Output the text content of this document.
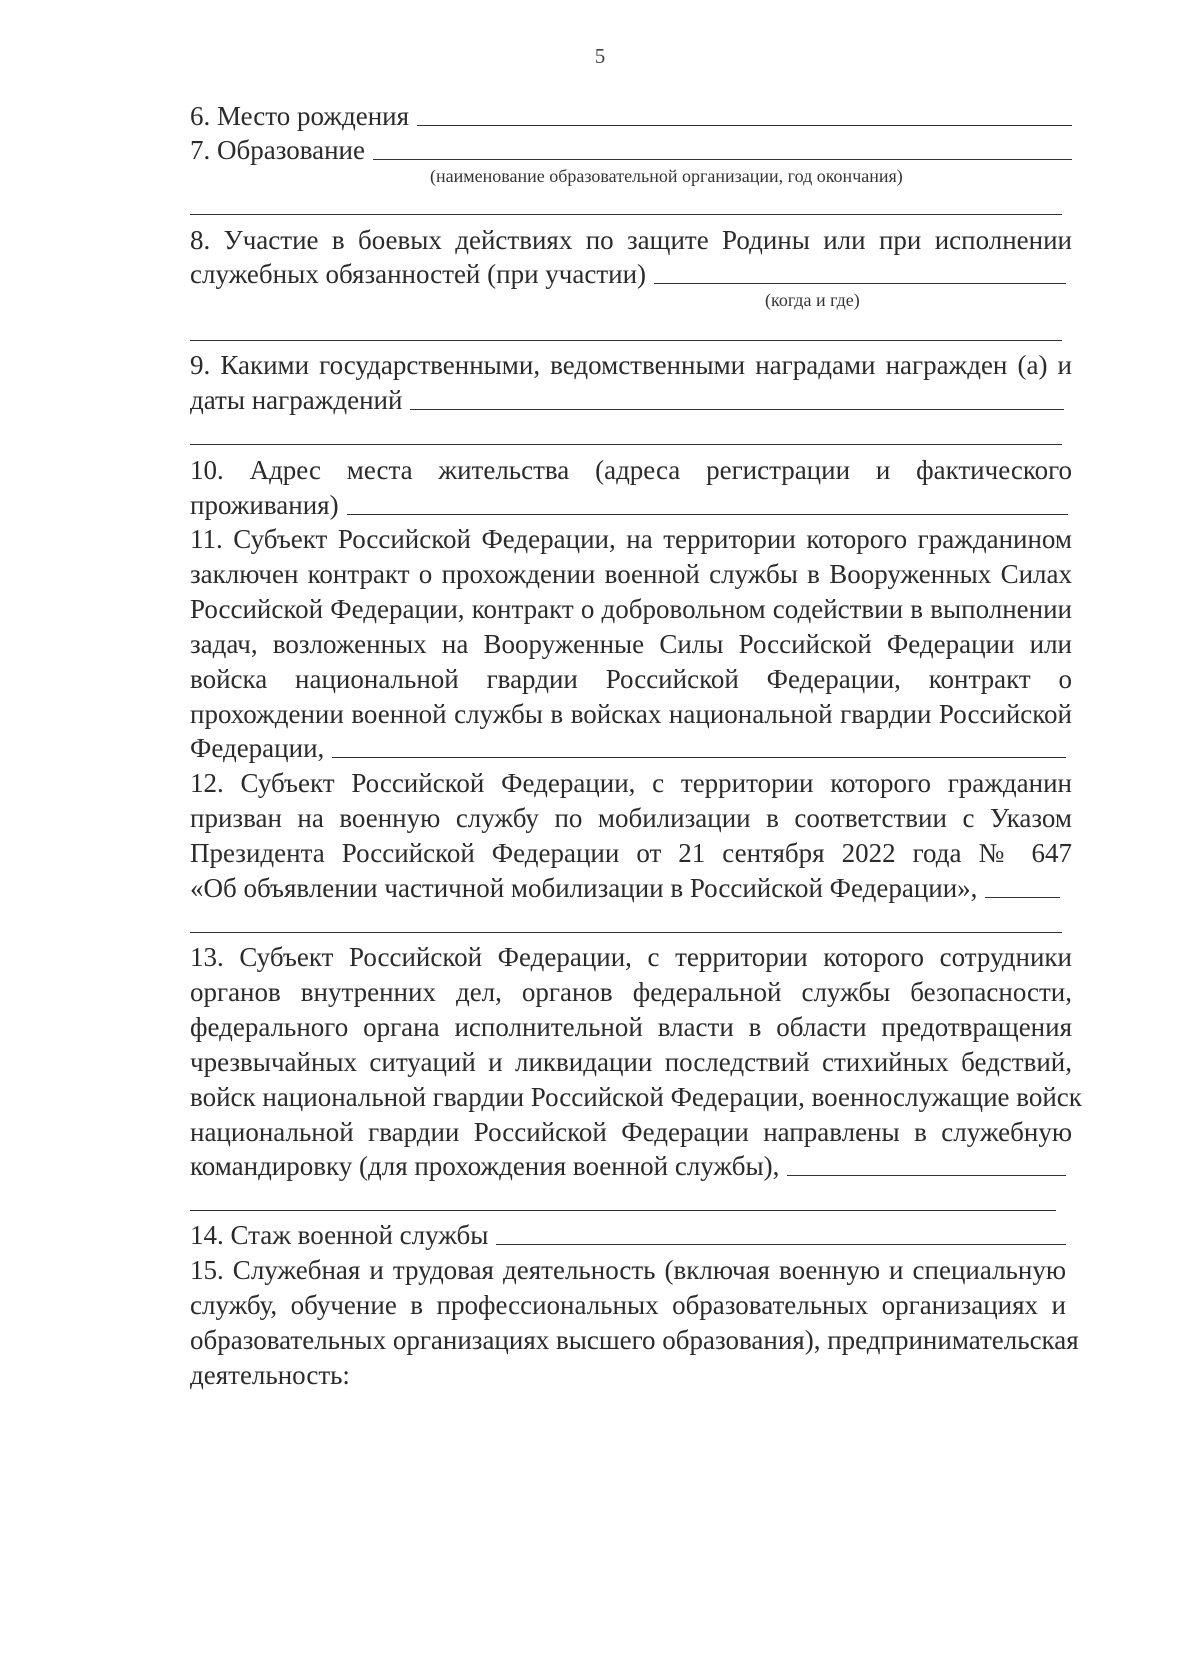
5
6. Место рождения
7. Образование
(наименование образовательной организации, год окончания)
8. Участие в боевых действиях по защите Родины или при исполнении
служебных обязанностей (при участии)
(когда и где)
9. Какими государственными, ведомственными наградами награжден (а) и
даты награждений
10. Адрес места жительства (адреса регистрации и фактического
проживания)
11. Субъект Российской Федерации, на территории которого гражданином
заключен контракт о прохождении военной службы в Вооруженных Силах
Российской Федерации, контракт о добровольном содействии в выполнении
задач, возложенных на Вооруженные Силы Российской Федерации или
войска национальной гвардии Российской Федерации, контракт о
прохождении военной службы в войсках национальной гвардии Российской
Федерации,
12. Субъект Российской Федерации, с территории которого гражданин
призван на военную службу по мобилизации в соответствии с Указом
Президента Российской Федерации от 21 сентября 2022 года № 647
«Об объявлении частичной мобилизации в Российской Федерации»,
13. Субъект Российской Федерации, с территории которого сотрудники
органов внутренних дел, органов федеральной службы безопасности,
федерального органа исполнительной власти в области предотвращения
чрезвычайных ситуаций и ликвидации последствий стихийных бедствий,
войск национальной гвардии Российской Федерации, военнослужащие войск
национальной гвардии Российской Федерации направлены в служебную
командировку (для прохождения военной службы),
14. Стаж военной службы
15. Служебная и трудовая деятельность (включая военную и специальную
службу, обучение в профессиональных образовательных организациях и
образовательных организациях высшего образования), предпринимательская
деятельность:
